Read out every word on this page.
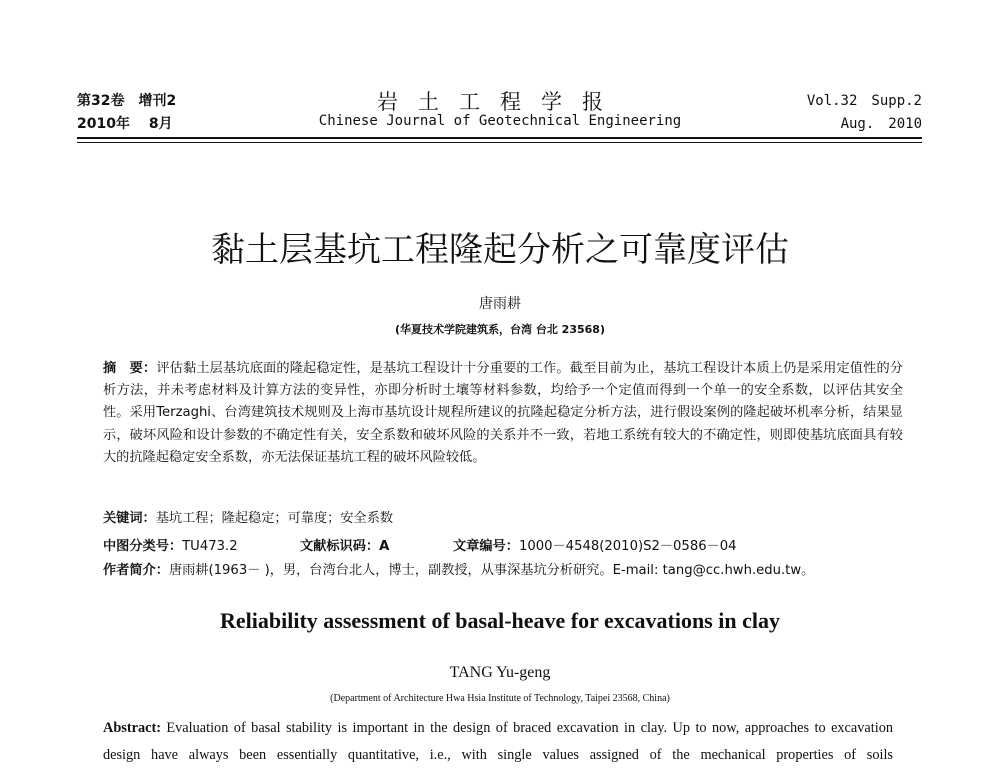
第32卷　增刊2
2010年　 8月
岩土工程学报
Chinese Journal of Geotechnical Engineering
Vol.32　Supp.2
Aug.　2010
黏土层基坑工程隆起分析之可靠度评估
唐雨耕
(华夏技术学院建筑系，台湾 台北 23568)
摘　要：评估黏土层基坑底面的隆起稳定性，是基坑工程设计十分重要的工作。截至目前为止，基坑工程设计本质上仍是采用定值性的分析方法，并未考虑材料及计算方法的变异性，亦即分析时土壤等材料参数，均给予一个定值而得到一个单一的安全系数，以评估其安全性。采用Terzaghi、台湾建筑技术规则及上海市基坑设计规程所建议的抗隆起稳定分析方法，进行假设案例的隆起破坏机率分析，结果显示，破坏风险和设计参数的不确定性有关，安全系数和破坏风险的关系并不一致，若地工系统有较大的不确定性，则即使基坑底面具有较大的抗隆起稳定安全系数，亦无法保证基坑工程的破坏风险较低。
关键词：基坑工程；隆起稳定；可靠度；安全系数
中图分类号：TU473.2	文献标识码：A	文章编号：1000－4548(2010)S2－0586－04
作者简介：唐雨耕(1963－ )，男，台湾台北人，博士，副教授，从事深基坑分析研究。E-mail: tang@cc.hwh.edu.tw。
Reliability assessment of basal-heave for excavations in clay
TANG Yu-geng
(Department of Architecture Hwa Hsia Institute of Technology, Taipei 23568, China)
Abstract: Evaluation of basal stability is important in the design of braced excavation in clay. Up to now, approaches to excavation design have always been essentially quantitative, i.e., with single values assigned of the mechanical properties of soils
